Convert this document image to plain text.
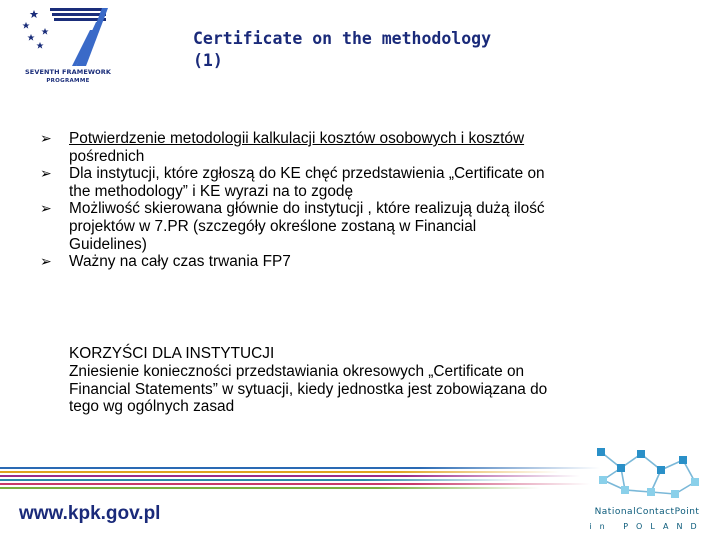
SEVENTH FRAMEWORK
PROGRAMME
Certificate on the methodology
(1)
➢ Potwierdzenie metodologii kalkulacji kosztów osobowych i kosztów
pośrednich
➢ Dla instytucji, które zgłoszą do KE chęć przedstawienia „Certificate on
the methodology” i KE wyrazi na to zgodę
➢ Możliwość skierowana głównie do instytucji , które realizują dużą ilość
projektów w 7.PR (szczegóły określone zostaną w Financial
Guidelines)
➢ Ważny na cały czas trwania FP7
KORZYŚCI DLA INSTYTUCJI
Zniesienie konieczności przedstawiania okresowych „Certificate on
Financial Statements” w sytuacji, kiedy jednostka jest zobowiązana do
tego wg ogólnych zasad
www.kpk.gov.pl	NationalContactPoint
in POLAND
